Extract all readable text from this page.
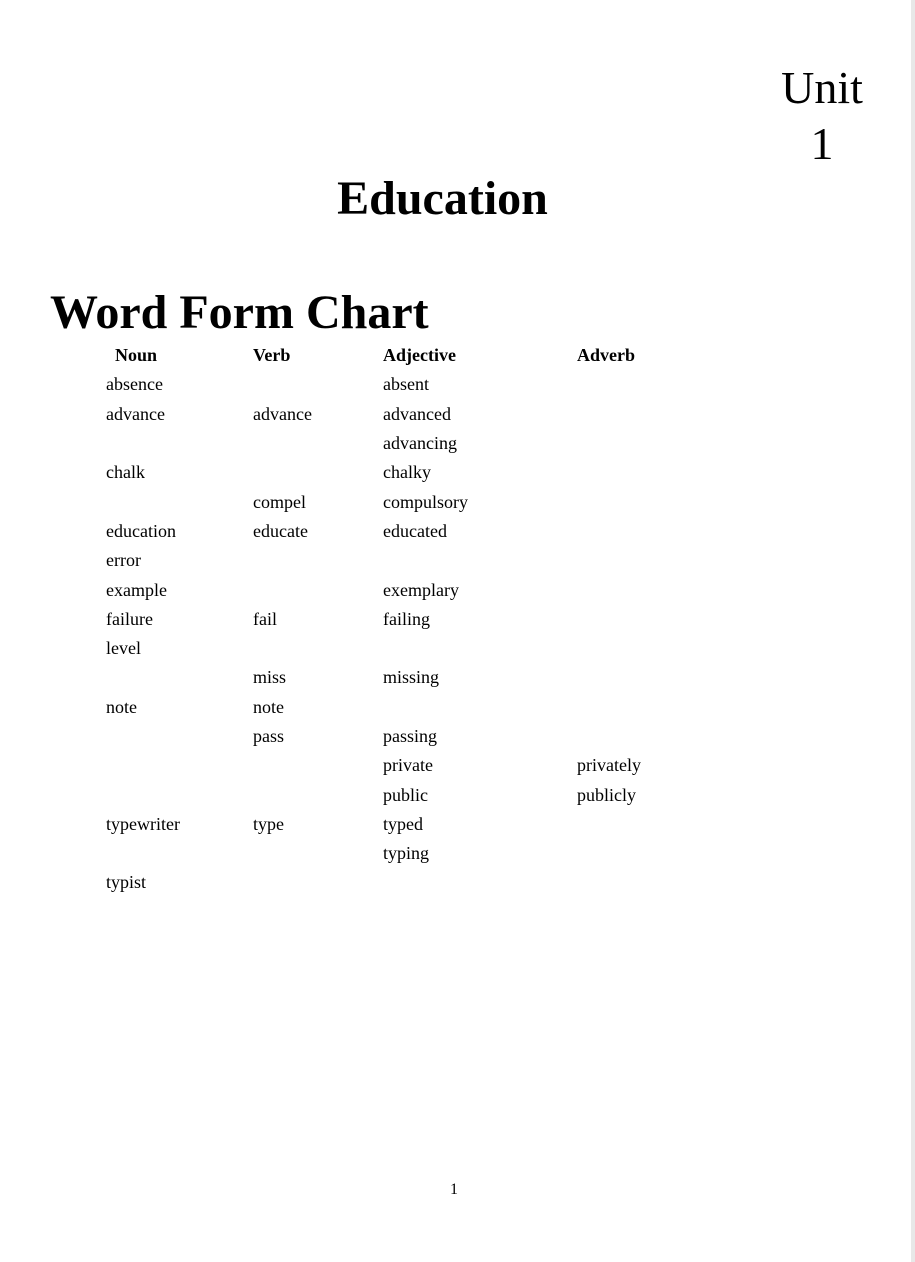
Unit
1
Education
Word Form Chart
Noun	Verb	Adjective	Adverb
absence		absent	
advance	advance	advanced	
		advancing	
chalk		chalky	
	compel	compulsory	
education	educate	educated	
error			
example		exemplary	
failure	fail	failing	
level			
	miss	missing	
note	note		
	pass	passing	
		private	privately
		public	publicly
typewriter	type	typed	
		typing	
typist			
1
